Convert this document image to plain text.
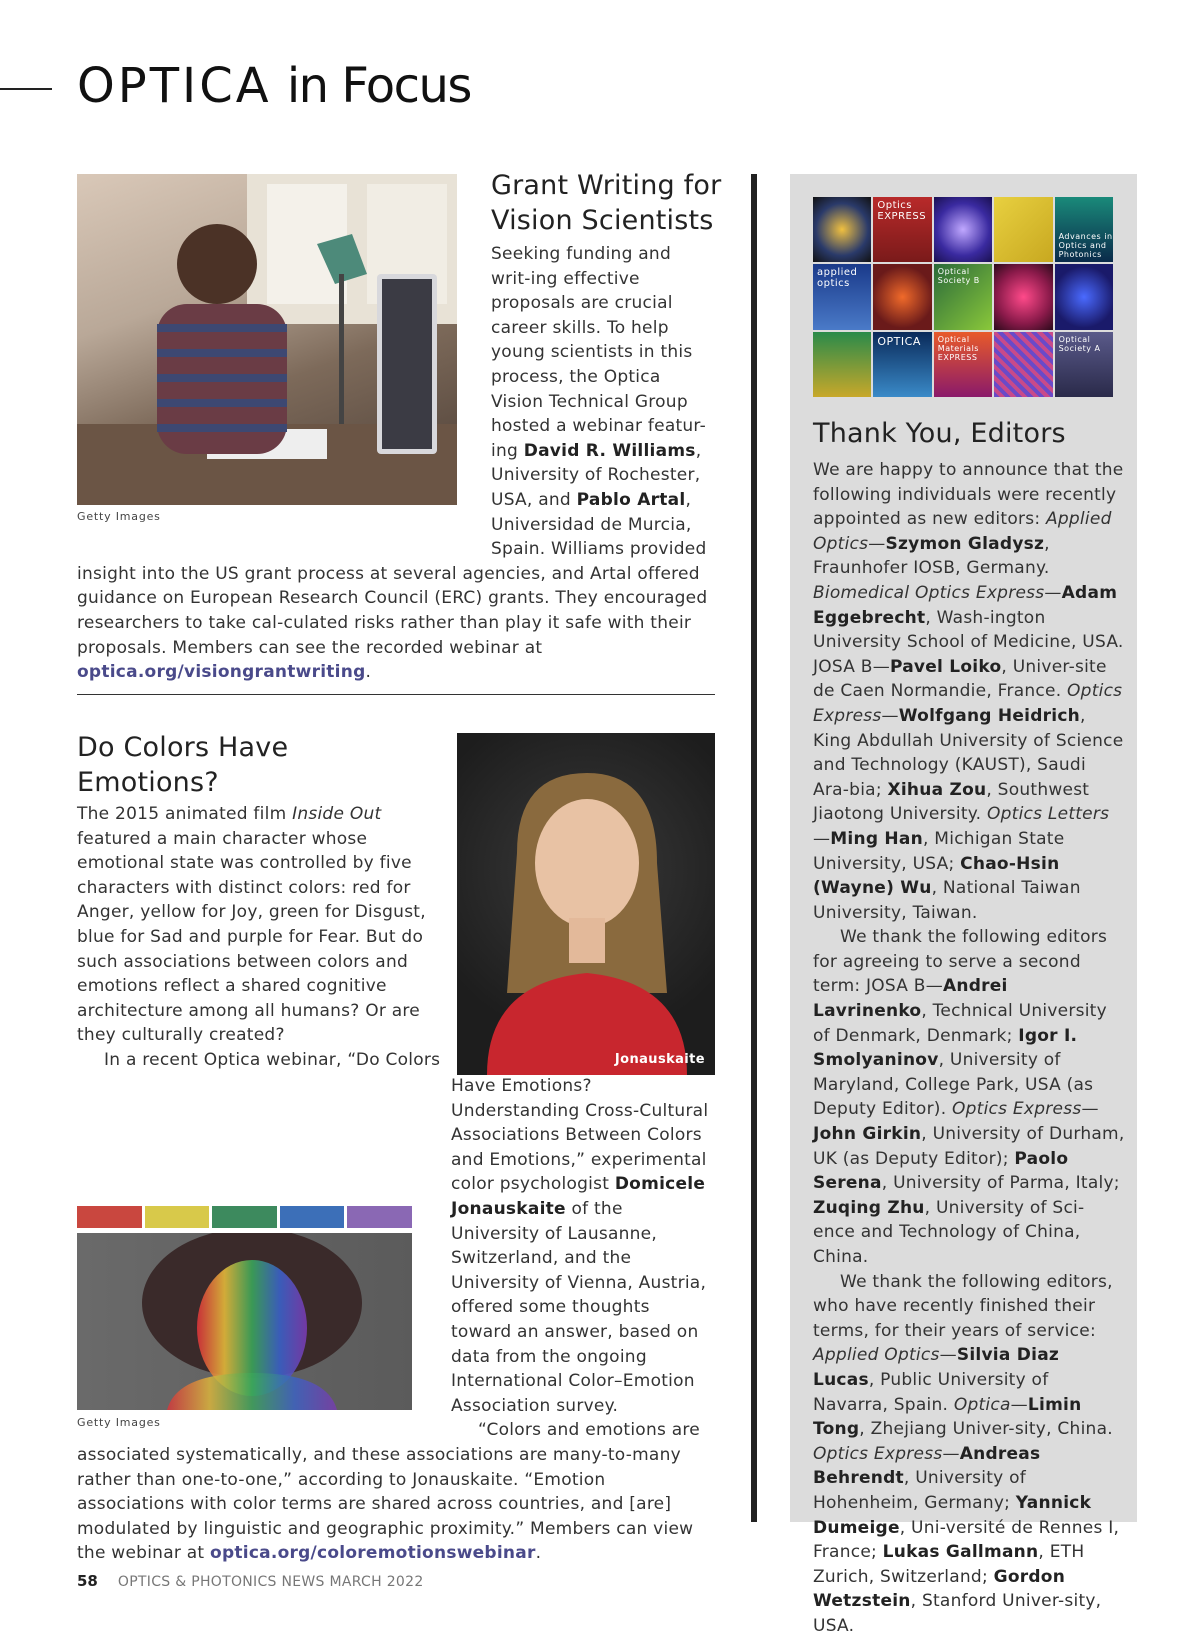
OPTICA in Focus
Getty Images
Grant Writing for
Vision Scientists

Seeking funding and writ-ing effective proposals are crucial career skills. To help young scientists in this process, the Optica Vision Technical Group hosted a webinar featur-ing David R. Williams, University of Rochester, USA, and Pablo Artal, Universidad de Murcia, Spain. Williams provided insight into the US grant process at several agencies, and Artal offered guidance on European Research Council (ERC) grants. They encouraged researchers to take cal-culated risks rather than play it safe with their proposals. Members can see the recorded webinar at optica.org/visiongrantwriting.

Do Colors Have
Emotions?
Jonauskaite
Getty Images

The 2015 animated film Inside Out featured a main character whose emotional state was controlled by five characters with distinct colors: red for Anger, yellow for Joy, green for Disgust, blue for Sad and purple for Fear. But do such associations between colors and emotions reflect a shared cognitive architecture among all humans? Or are they culturally created?

In a recent Optica webinar, “Do Colors Have Emotions? Understanding Cross-Cultural Associations Between Colors and Emotions,” experimental color psychologist Domicele Jonauskaite of the University of Lausanne, Switzerland, and the University of Vienna, Austria, offered some thoughts toward an answer, based on data from the ongoing International Color–Emotion Association survey.

“Colors and emotions are associated systematically, and these associations are many-to-many rather than one-to-one,” according to Jonauskaite. “Emotion associations with color terms are shared across countries, and [are] modulated by linguistic and geographic proximity.” Members can view the webinar at optica.org/coloremotionswebinar.

Optics EXPRESS
Advances in Optics and Photonics
applied optics
Optical Society B
OPTICA Optical Materials EXPRESS
Optical Society A
Thank You, Editors

We are happy to announce that the following individuals were recently appointed as new editors: Applied Optics—Szymon Gladysz, Fraunhofer IOSB, Germany. Biomedical Optics Express—Adam Eggebrecht, Wash-ington University School of Medicine, USA. JOSA B—Pavel Loiko, Univer-site de Caen Normandie, France. Optics Express—Wolfgang Heidrich, King Abdullah University of Science and Technology (KAUST), Saudi Ara-bia; Xihua Zou, Southwest Jiaotong University. Optics Letters—Ming Han, Michigan State University, USA; Chao-Hsin (Wayne) Wu, National Taiwan University, Taiwan.

We thank the following editors for agreeing to serve a second term: JOSA B—Andrei Lavrinenko, Technical University of Denmark, Denmark; Igor I. Smolyaninov, University of Maryland, College Park, USA (as Deputy Editor). Optics Express—John Girkin, University of Durham, UK (as Deputy Editor); Paolo Serena, University of Parma, Italy; Zuqing Zhu, University of Sci-ence and Technology of China, China.

We thank the following editors, who have recently finished their terms, for their years of service: Applied Optics—Silvia Diaz Lucas, Public University of Navarra, Spain. Optica—Limin Tong, Zhejiang Univer-sity, China. Optics Express—Andreas Behrendt, University of Hohenheim, Germany; Yannick Dumeige, Uni-versité de Rennes I, France; Lukas Gallmann, ETH Zurich, Switzerland; Gordon Wetzstein, Stanford Univer-sity, USA.

58 OPTICS & PHOTONICS NEWS MARCH 2022
